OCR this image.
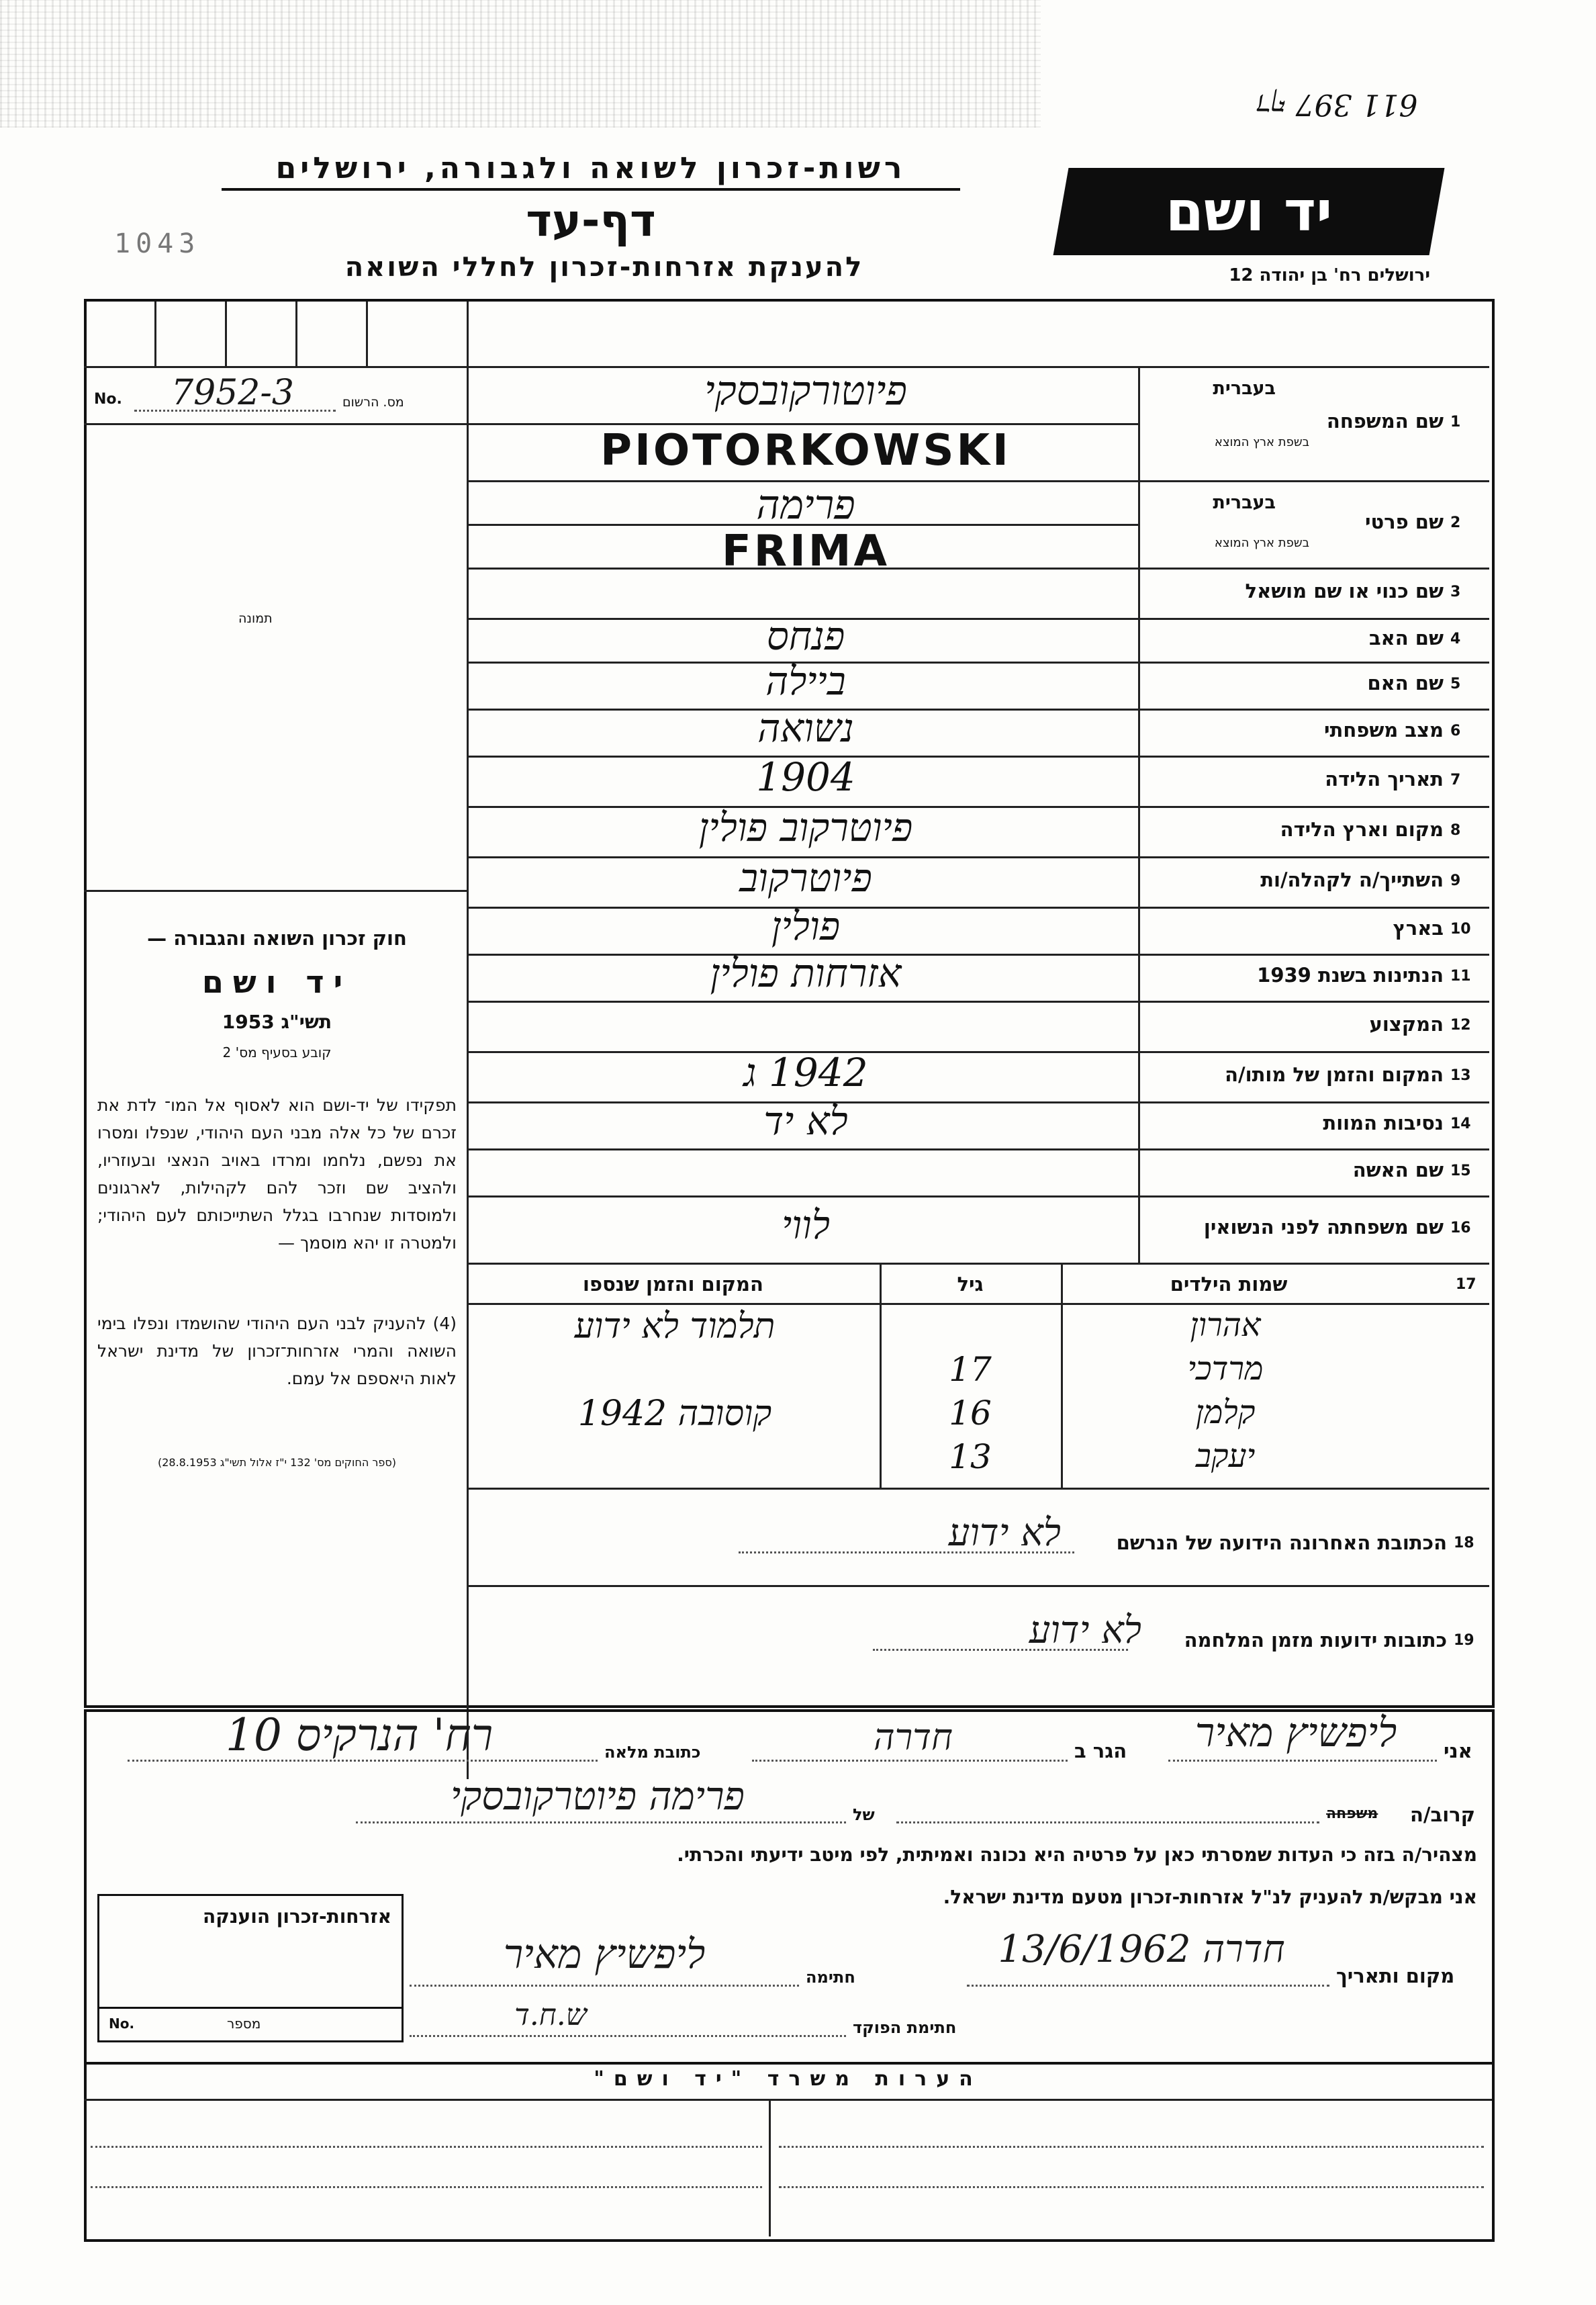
611 דף 397
1043
רשות-זכרון לשואה ולגבורה, ירושלים
דף-עד
להענקת אזרחות-זכרון לחללי השואה
יד ושם
ירושלים רח' בן יהודה 12
No. 7952-3	מס. הרשום
תמונה
חוק זכרון השואה והגבורה —
יד ושם
תשי"ג 1953
קובע בסעיף מס' 2
תפקידו של יד-ושם הוא לאסוף אל המו־ לדת את זכרם של כל אלה מבני העם היהודי, שנפלו ומסרו את נפשם, נלחמו ומרדו באויב הנאצי ובעוזריו, ולהציב שם וזכר להם לקהילות, לארגונים ולמוסדות שנחרבו בגלל השתייכותם לעם היהודי; ולמטרה זו יהא מוסמך —
(4) להעניק לבני העם היהודי שהושמדו ונפלו בימי השואה והמרי אזרחות־זכרון של מדינת ישראל לאות היאספם אל עמם.
(ספר החוקים מס' 132 י"ז אלול תשי"ג 28.8.1953)
1
בעברית
בשפת ארץ המוצא
שם המשפחה
פיוטורקובסקי
PIOTORKOWSKI
2
בעברית
בשפת ארץ המוצא
שם פרטי
פרימה
FRIMA
3
שם כנוי או שם מושאל
4
שם האב
פנחס
5
שם האם
ביילה
6
מצב משפחתי
נשואה
7
תאריך הלידה
1904
8
מקום וארץ הלידה
פיוטרקוב פולין
9
השתייך/ה לקהלה/ות
פיוטרקוב
10
בארץ
פולין
11
הנתינות בשנת 1939
אזרחות פולין
12
המקצוע
13
המקום והזמן של מותו/ה
1942 ג
14
נסיבות המוות
לא יד
15
שם האשה
16
שם משפחתה לפני הנשואין
לווי
17
שמות הילדים
גיל
המקום והזמן שנספו
אהרון
תלמוד לא ידוע
מרדכי
17
קלמן
16
קוסובה 1942
יעקב
13
18
הכתובת האחרונה הידועה של הנרשם
לא ידוע
19
כתובות ידועות מזמן המלחמה
לא ידוע
אני
ליפשיץ מאיר
הגר ב
חדרה
כתובת מלאה
רח' הנרקיס 10
קרוב/ה
משפחה
של
פרימה פיוטרקובסקי
מצהיר/ה בזה כי העדות שמסרתי כאן על פרטיה היא נכונה ואמיתית, לפי מיטב ידיעתי והכרתי.
אני מבקש/ת להעניק לנ"ל אזרחות-זכרון מטעם מדינת ישראל.
מקום ותאריך
חדרה 13/6/1962
חתימה
ליפשיץ מאיר
חתימת הפוקד
ש.ח.ד
אזרחות-זכרון הוענקה
No.	מספר
הערות משרד "יד ושם"
